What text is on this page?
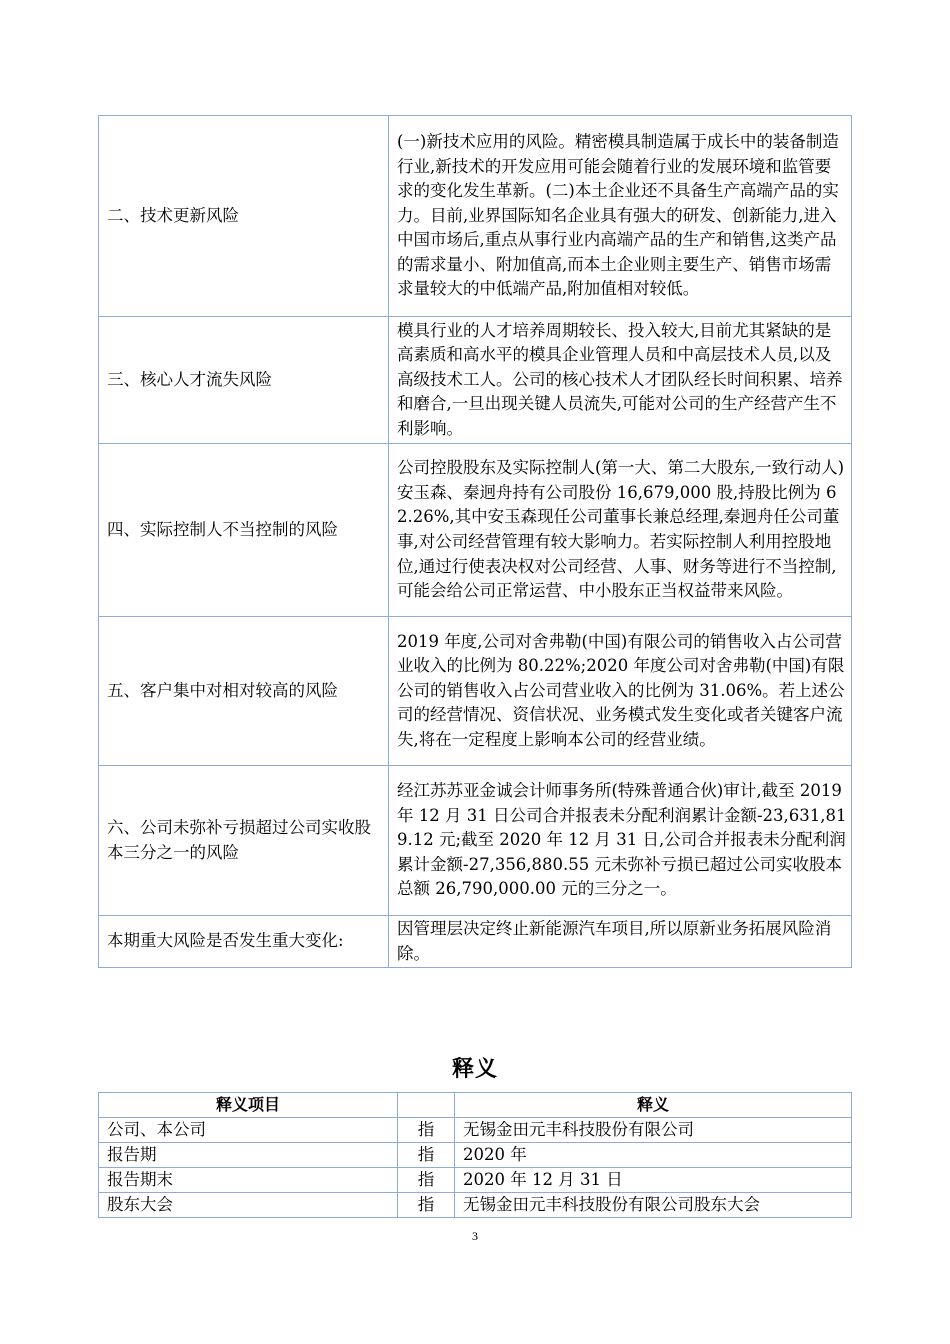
二、技术更新风险	(一)新技术应用的风险。精密模具制造属于成长中的装备制造行业,新技术的开发应用可能会随着行业的发展环境和监管要求的变化发生革新。(二)本土企业还不具备生产高端产品的实力。目前,业界国际知名企业具有强大的研发、创新能力,进入中国市场后,重点从事行业内高端产品的生产和销售,这类产品的需求量小、附加值高,而本土企业则主要生产、销售市场需求量较大的中低端产品,附加值相对较低。
三、核心人才流失风险	模具行业的人才培养周期较长、投入较大,目前尤其紧缺的是高素质和高水平的模具企业管理人员和中高层技术人员,以及高级技术工人。公司的核心技术人才团队经长时间积累、培养和磨合,一旦出现关键人员流失,可能对公司的生产经营产生不利影响。
四、实际控制人不当控制的风险	公司控股股东及实际控制人(第一大、第二大股东,一致行动人)安玉森、秦迥舟持有公司股份 16,679,000 股,持股比例为 62.26%,其中安玉森现任公司董事长兼总经理,秦迥舟任公司董事,对公司经营管理有较大影响力。若实际控制人利用控股地位,通过行使表决权对公司经营、人事、财务等进行不当控制,可能会给公司正常运营、中小股东正当权益带来风险。
五、客户集中对相对较高的风险	2019 年度,公司对舍弗勒(中国)有限公司的销售收入占公司营业收入的比例为 80.22%;2020 年度公司对舍弗勒(中国)有限公司的销售收入占公司营业收入的比例为 31.06%。若上述公司的经营情况、资信状况、业务模式发生变化或者关键客户流失,将在一定程度上影响本公司的经营业绩。
六、公司未弥补亏损超过公司实收股本三分之一的风险	经江苏苏亚金诚会计师事务所(特殊普通合伙)审计,截至 2019 年 12 月 31 日公司合并报表未分配利润累计金额-23,631,819.12 元;截至 2020 年 12 月 31 日,公司合并报表未分配利润累计金额-27,356,880.55 元未弥补亏损已超过公司实收股本总额 26,790,000.00 元的三分之一。
本期重大风险是否发生重大变化:	因管理层决定终止新能源汽车项目,所以原新业务拓展风险消除。
释义
释义项目		释义
公司、本公司	指	无锡金田元丰科技股份有限公司
报告期	指	2020 年
报告期末	指	2020 年 12 月 31 日
股东大会	指	无锡金田元丰科技股份有限公司股东大会
3
